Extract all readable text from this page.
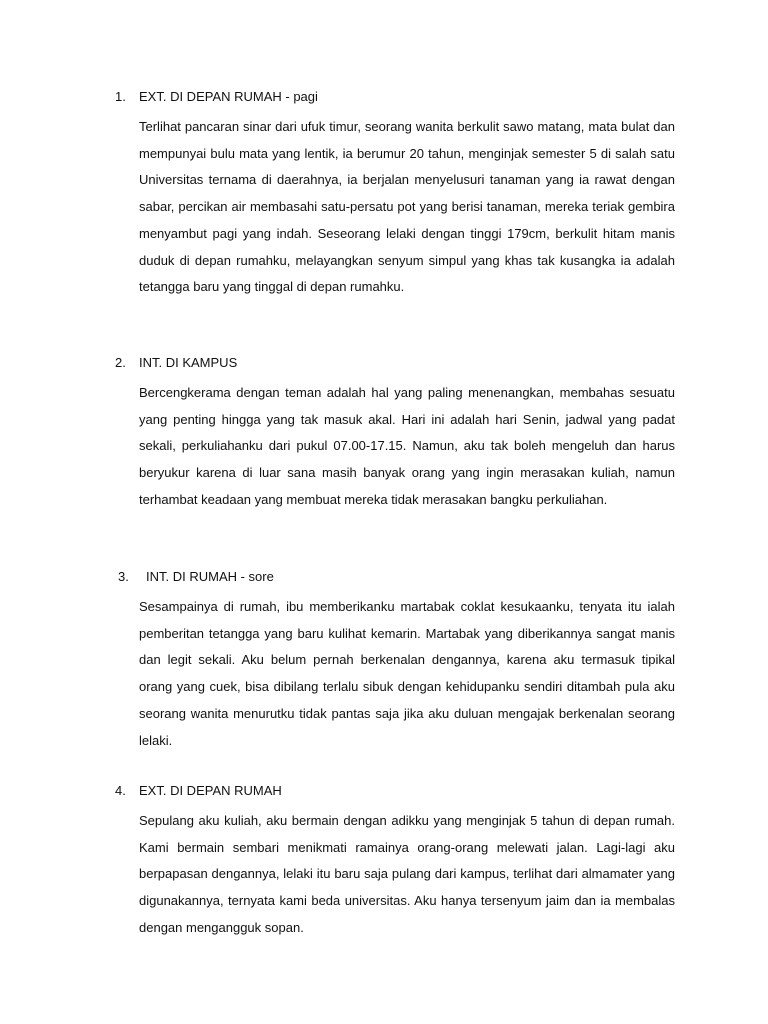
1. EXT. DI DEPAN RUMAH - pagi

Terlihat pancaran sinar dari ufuk timur, seorang wanita berkulit sawo matang, mata bulat dan mempunyai bulu mata yang lentik, ia berumur 20 tahun, menginjak semester 5 di salah satu Universitas ternama di daerahnya, ia berjalan menyelusuri tanaman yang ia rawat dengan sabar, percikan air membasahi satu-persatu pot yang berisi tanaman, mereka teriak gembira menyambut pagi yang indah. Seseorang lelaki dengan tinggi 179cm, berkulit hitam manis duduk di depan rumahku, melayangkan senyum simpul yang khas tak kusangka ia adalah tetangga baru yang tinggal di depan rumahku.

2. INT. DI KAMPUS

Bercengkerama dengan teman adalah hal yang paling menenangkan, membahas sesuatu yang penting hingga yang tak masuk akal. Hari ini adalah hari Senin, jadwal yang padat sekali, perkuliahanku dari pukul 07.00-17.15. Namun, aku tak boleh mengeluh dan harus beryukur karena di luar sana masih banyak orang yang ingin merasakan kuliah, namun terhambat keadaan yang membuat mereka tidak merasakan bangku perkuliahan.

3. INT. DI RUMAH - sore

Sesampainya di rumah, ibu memberikanku martabak coklat kesukaanku, tenyata itu ialah pemberitan tetangga yang baru kulihat kemarin. Martabak yang diberikannya sangat manis dan legit sekali. Aku belum pernah berkenalan dengannya, karena aku termasuk tipikal orang yang cuek, bisa dibilang terlalu sibuk dengan kehidupanku sendiri ditambah pula aku seorang wanita menurutku tidak pantas saja jika aku duluan mengajak berkenalan seorang lelaki.

4. EXT. DI DEPAN RUMAH

Sepulang aku kuliah, aku bermain dengan adikku yang menginjak 5 tahun di depan rumah. Kami bermain sembari menikmati ramainya orang-orang melewati jalan. Lagi-lagi aku berpapasan dengannya, lelaki itu baru saja pulang dari kampus, terlihat dari almamater yang digunakannya, ternyata kami beda universitas. Aku hanya tersenyum jaim dan ia membalas dengan mengangguk sopan.
